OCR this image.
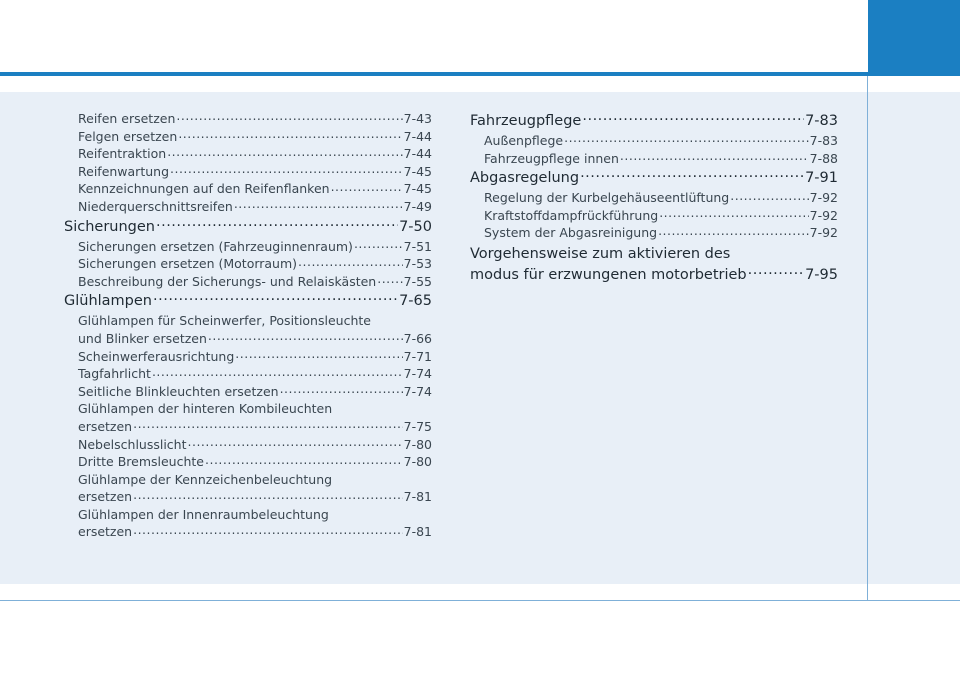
Reifen ersetzen .....	7-43
Felgen ersetzen .....	7-44
Reifentraktion .....	7-44
Reifenwartung .....	7-45
Kennzeichnungen auf den Reifenflanken .....	7-45
Niederquerschnittsreifen .....	7-49
Sicherungen .....	7-50
Sicherungen ersetzen (Fahrzeuginnenraum) .....	7-51
Sicherungen ersetzen (Motorraum) .....	7-53
Beschreibung der Sicherungs- und Relaiskästen ..... 7-55
Glühlampen .....	7-65
Glühlampen für Scheinwerfer, Positionsleuchte
und Blinker ersetzen .....	7-66
Scheinwerferausrichtung .....	7-71
Tagfahrlicht .....	7-74
Seitliche Blinkleuchten ersetzen .....	7-74
Glühlampen der hinteren Kombileuchten
ersetzen .....	7-75
Nebelschlusslicht .....	7-80
Dritte Bremsleuchte .....	7-80
Glühlampe der Kennzeichenbeleuchtung
ersetzen .....	7-81
Glühlampen der Innenraumbeleuchtung
ersetzen .....	7-81
Fahrzeugpflege .....	7-83
Außenpflege .....	7-83
Fahrzeugpflege innen .....	7-88
Abgasregelung .....	7-91
Regelung der Kurbelgehäuseentlüftung .....	7-92
Kraftstoffdampfrückführung .....	7-92
System der Abgasreinigung .....	7-92
Vorgehensweise zum aktivieren des
modus für erzwungenen motorbetrieb .....	7-95
